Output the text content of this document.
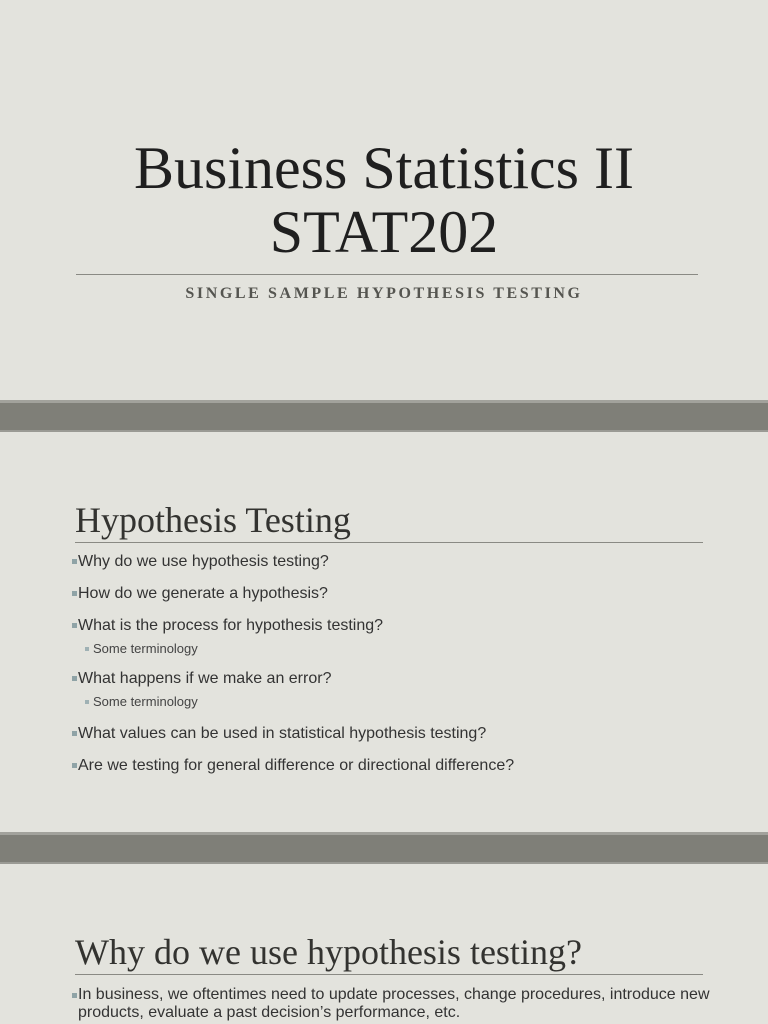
Business Statistics II
STAT202
SINGLE SAMPLE HYPOTHESIS TESTING
Hypothesis Testing
Why do we use hypothesis testing?
How do we generate a hypothesis?
What is the process for hypothesis testing?
Some terminology
What happens if we make an error?
Some terminology
What values can be used in statistical hypothesis testing?
Are we testing for general difference or directional difference?
Why do we use hypothesis testing?
In business, we oftentimes need to update processes, change procedures, introduce new products, evaluate a past decision’s performance, etc.
